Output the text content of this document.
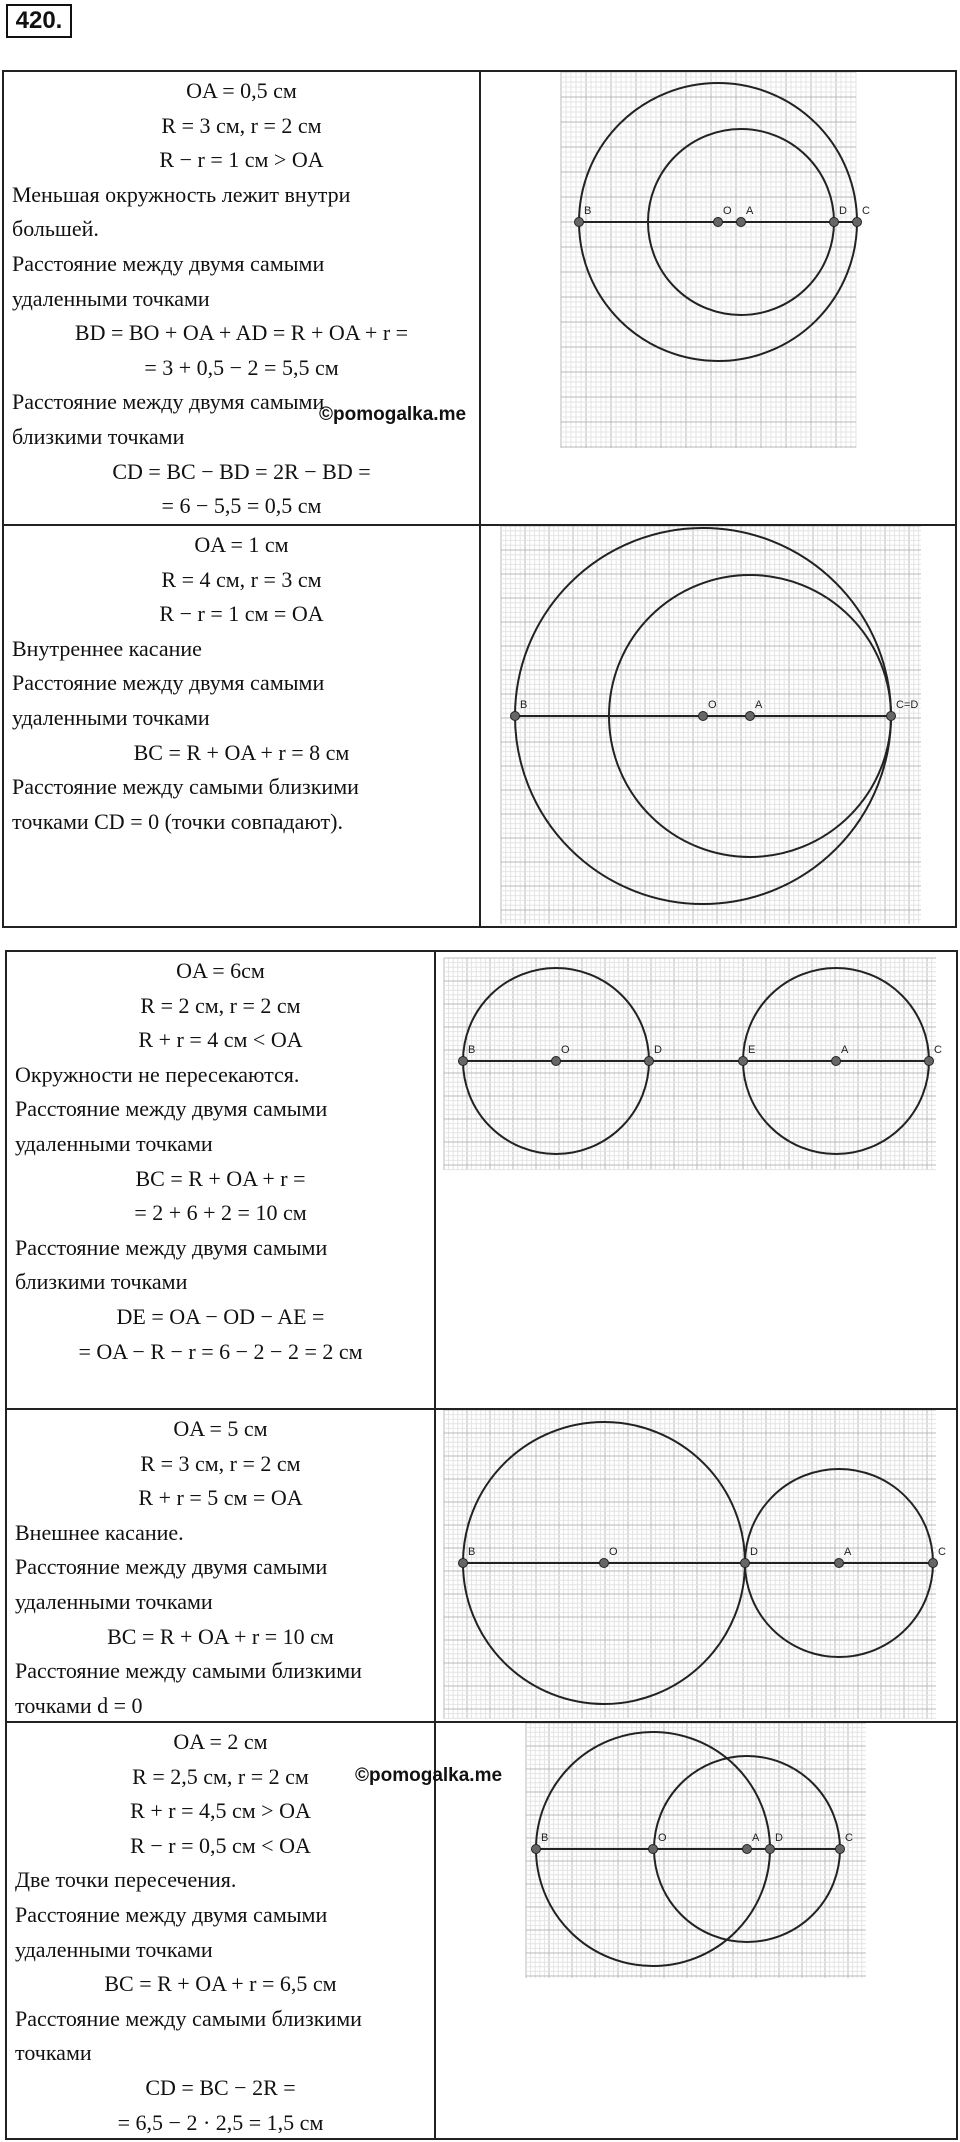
420.
OA = 0,5 см
R = 3 см, r = 2 см
R − r = 1 см > OA
Меньшая окружность лежит внутри
большей.
Расстояние между двумя самыми
удаленными точками
BD = BO + OA + AD = R + OA + r =
= 3 + 0,5 − 2 = 5,5 см
Расстояние между двумя самыми
близкими точками
CD = BC − BD = 2R − BD =
= 6 − 5,5 = 0,5 см
B	O A	D C
©pomogalka.me
OA = 1 см
R = 4 см, r = 3 см
R − r = 1 см = OA
Внутреннее касание
Расстояние между двумя самыми
удаленными точками
BC = R + OA + r = 8 см
Расстояние между самыми близкими
точками CD = 0 (точки совпадают).
B	O	A	C=D
OA = 6см
R = 2 см, r = 2 см
R + r = 4 см < OA
Окружности не пересекаются.
Расстояние между двумя самыми
удаленными точками
BC = R + OA + r =
= 2 + 6 + 2 = 10 см
Расстояние между двумя самыми
близкими точками
DE = OA − OD − AE =
= OA − R − r = 6 − 2 − 2 = 2 см
B	O	D	E	A	C
OA = 5 см
R = 3 см, r = 2 см
R + r = 5 см = OA
Внешнее касание.
Расстояние между двумя самыми
удаленными точками
BC = R + OA + r = 10 см
Расстояние между самыми близкими
точками d = 0
B	O	D	A	C
OA = 2 см
R = 2,5 см, r = 2 см
R + r = 4,5 см > OA
R − r = 0,5 см < OA
Две точки пересечения.
Расстояние между двумя самыми
удаленными точками
BC = R + OA + r = 6,5 см
Расстояние между самыми близкими
точками
CD = BC − 2R =
= 6,5 − 2 · 2,5 = 1,5 см
B	O	A D	C
©pomogalka.me
